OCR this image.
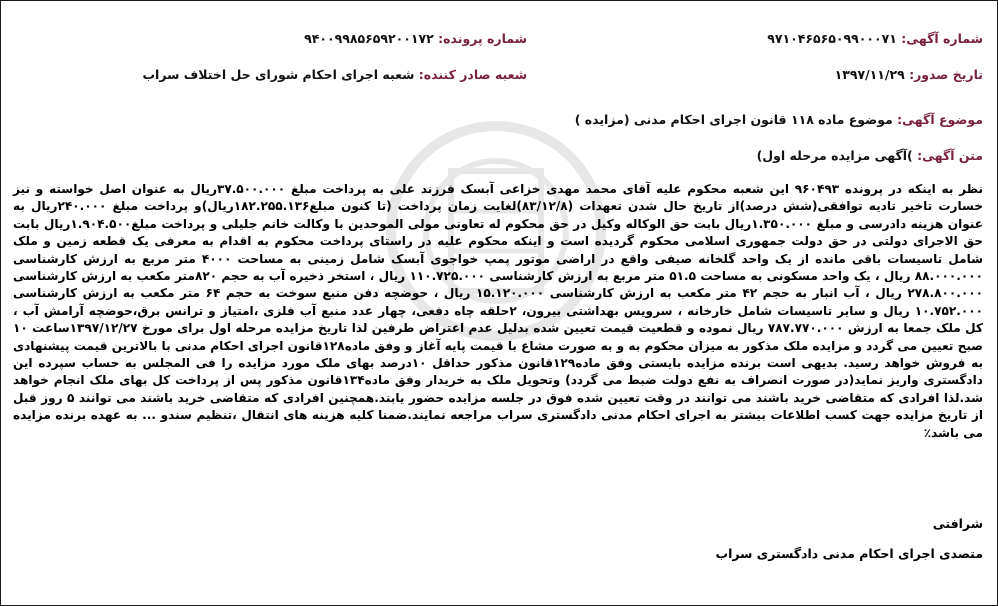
شماره آگهی: ۹۷۱۰۴۶۵۶۵۰۹۹۰۰۰۷۱
شماره پرونده: ۹۴۰۰۹۹۸۵۶۵۹۲۰۰۱۷۲
تاریخ صدور: ۱۳۹۷/۱۱/۲۹
شعبه صادر کننده: شعبه اجرای احکام شورای حل اختلاف سراب
موضوع آگهی: موضوع ماده ۱۱۸ قانون اجرای احکام مدنی (مزایده )
متن آگهی: )آگهی مزایده مرحله اول)
نظر به اینکه در پرونده ۹۶۰۴۹۳ این شعبه محکوم علیه آقای محمد مهدی خزاعی آبسک فرزند علی به پرداخت مبلغ ۳۷.۵۰۰.۰۰۰ریال به عنوان اصل خواسته و نیز خسارت تاخیر تادیه توافقی(شش درصد)از تاریخ حال شدن تعهدات (۸۳/۱۲/۸)لغایت زمان پرداخت (تا کنون مبلغ۱۸۲.۲۵۵.۱۳۶ریال)و پرداخت مبلغ ۲۴۰.۰۰۰ریال به عنوان هزینه دادرسی و مبلغ ۱.۳۵۰.۰۰۰ریال بابت حق الوکاله وکیل در حق محکوم له تعاونی مولی الموحدین با وکالت خانم جلیلی و پرداخت مبلغ۱.۹۰۴.۵۰۰ریال بابت حق الاجرای دولتی در حق دولت جمهوری اسلامی محکوم گردیده است و اینکه محکوم علیه در راستای پرداخت محکوم به اقدام به معرفی یک قطعه زمین و ملک شامل تاسیسات باقی مانده از یک واحد گلخانه صیفی واقع در اراضی موتور پمپ خواجوی آبسک شامل زمینی به مساحت ۴۰۰۰ متر مربع به ارزش کارشناسی ۸۸.۰۰۰.۰۰۰ ریال ، یک واحد مسکونی به مساحت ۵۱.۵ متر مربع به ارزش کارشناسی ۱۱۰.۷۲۵.۰۰۰ ریال ، استخر ذخیره آب به حجم ۸۲۰متر مکعب به ارزش کارشناسی ۲۷۸.۸۰۰.۰۰۰ ریال ، آب انبار به حجم ۴۲ متر مکعب به ارزش کارشناسی ۱۵.۱۲۰.۰۰۰ ریال ، حوضچه دفن منبع سوخت به حجم ۶۴ متر مکعب به ارزش کارشناسی ۱۰.۷۵۲.۰۰۰ ریال و سایر تاسیسات شامل خارخانه ، سرویس بهداشتی بیرون، ۲حلقه چاه دفعی، چهار عدد منبع آب فلزی ،امتیاز و ترانس برق،حوضچه آرامش آب ، کل ملک جمعا به ارزش ۷۸۷.۷۷۰.۰۰۰ ریال نموده و قطعیت قیمت تعیین شده بدلیل عدم اعتراض طرفین لذا تاریخ مزایده مرحله اول برای مورخ ۱۳۹۷/۱۲/۲۷ساعت ۱۰ صبح تعیین می گردد و مزایده ملک مذکور به میزان محکوم به و به صورت مشاع با قیمت پایه آغاز و وفق ماده۱۲۸قانون اجرای احکام مدنی با بالاترین قیمت پیشنهادی به فروش خواهد رسید. بدیهی است برنده مزایده بایستی وفق ماده۱۲۹قانون مذکور حداقل ۱۰درصد بهای ملک مورد مزایده را فی المجلس به حساب سپرده این دادگستری واریز نماید(در صورت انصراف به نفع دولت ضبط می گردد) وتحویل ملک به خریدار وفق ماده۱۳۴قانون مذکور پس از پرداخت کل بهای ملک انجام خواهد شد.لذا افرادی که متقاضی خرید باشند می توانند در وقت تعیین شده فوق در جلسه مزایده حضور یابند.همچنین افرادی که متقاضی خرید باشند می توانند ۵ روز قبل از تاریخ مزایده جهت کسب اطلاعات بیشتر به اجرای احکام مدنی دادگستری سراب مراجعه نمایند.ضمنا کلیه هزینه های انتقال ،تنظیم سندو ... به عهده برنده مزایده می باشد٪
شرافتی
متصدی اجرای احکام مدنی دادگستری سراب
